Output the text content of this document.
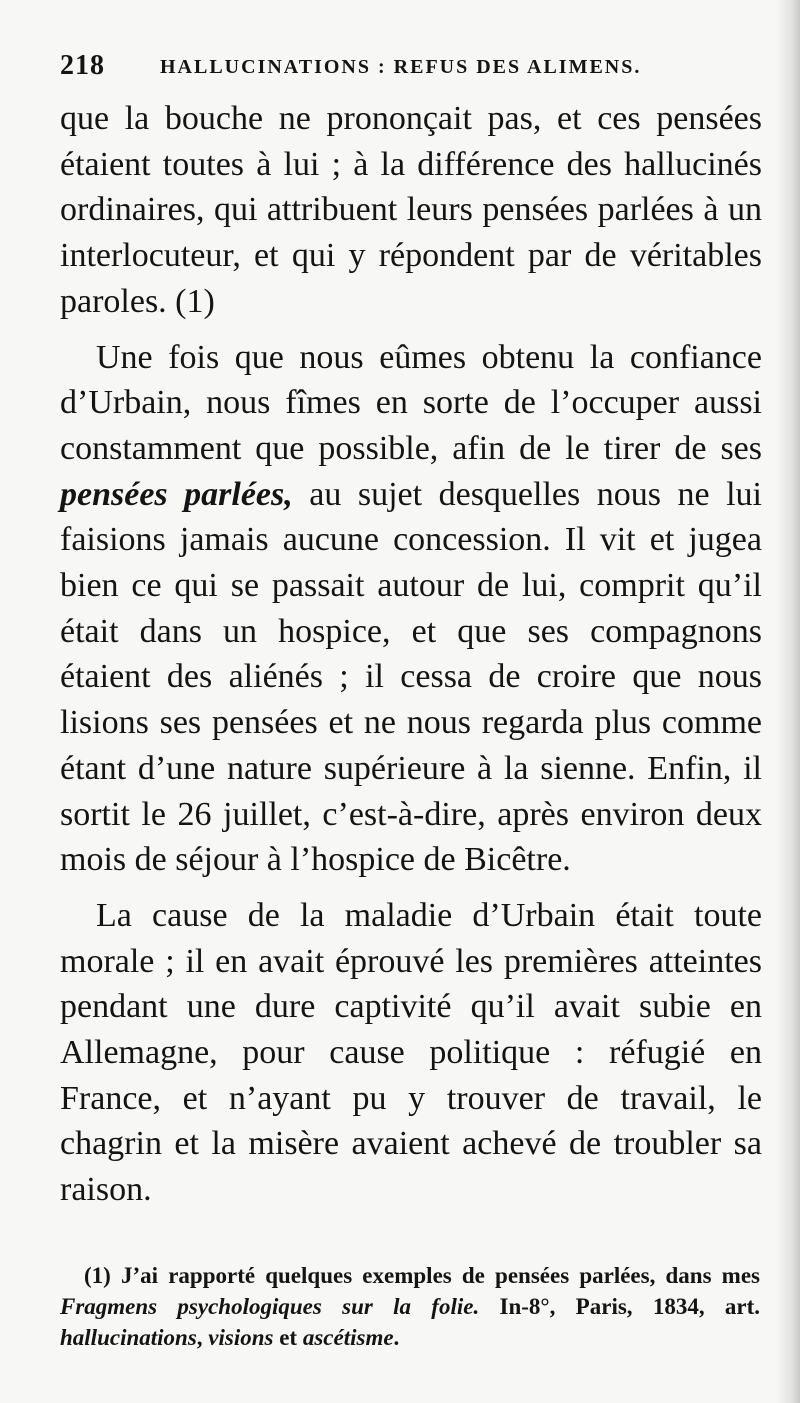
218	HALLUCINATIONS : REFUS DES ALIMENS.

que la bouche ne prononçait pas, et ces pensées étaient toutes à lui ; à la différence des hallucinés ordinaires, qui attribuent leurs pensées parlées à un interlocuteur, et qui y répondent par de véritables paroles. (1)

Une fois que nous eûmes obtenu la confiance d’Urbain, nous fîmes en sorte de l’occuper aussi constamment que possible, afin de le tirer de ses pensées parlées, au sujet desquelles nous ne lui faisions jamais aucune concession. Il vit et jugea bien ce qui se passait autour de lui, comprit qu’il était dans un hospice, et que ses compagnons étaient des aliénés ; il cessa de croire que nous lisions ses pensées et ne nous regarda plus comme étant d’une nature supérieure à la sienne. Enfin, il sortit le 26 juillet, c’est-à-dire, après environ deux mois de séjour à l’hospice de Bicêtre.

La cause de la maladie d’Urbain était toute morale ; il en avait éprouvé les premières atteintes pendant une dure captivité qu’il avait subie en Allemagne, pour cause politique : réfugié en France, et n’ayant pu y trouver de travail, le chagrin et la misère avaient achevé de troubler sa raison.

(1) J’ai rapporté quelques exemples de pensées parlées, dans mes Fragmens psychologiques sur la folie. In-8°, Paris, 1834, art. hallucinations, visions et ascétisme.
